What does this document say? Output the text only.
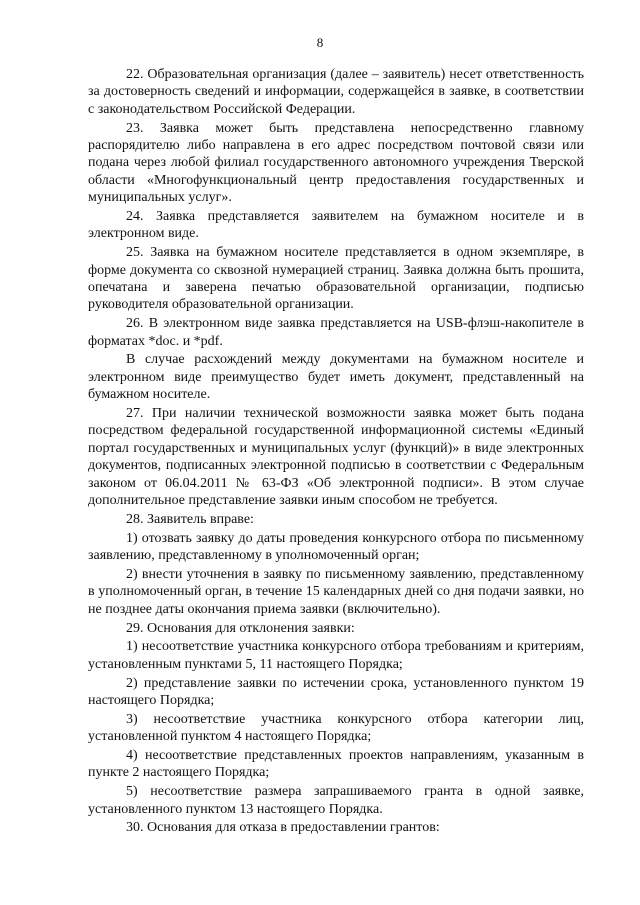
8

22. Образовательная организация (далее – заявитель) несет ответственность за достоверность сведений и информации, содержащейся в заявке, в соответствии с законодательством Российской Федерации.

23. Заявка может быть представлена непосредственно главному распорядителю либо направлена в его адрес посредством почтовой связи или подана через любой филиал государственного автономного учреждения Тверской области «Многофункциональный центр предоставления государственных и муниципальных услуг».

24. Заявка представляется заявителем на бумажном носителе и в электронном виде.

25. Заявка на бумажном носителе представляется в одном экземпляре, в форме документа со сквозной нумерацией страниц. Заявка должна быть прошита, опечатана и заверена печатью образовательной организации, подписью руководителя образовательной организации.

26. В электронном виде заявка представляется на USB-флэш-накопителе в форматах *doc. и *pdf.

В случае расхождений между документами на бумажном носителе и электронном виде преимущество будет иметь документ, представленный на бумажном носителе.

27. При наличии технической возможности заявка может быть подана посредством федеральной государственной информационной системы «Единый портал государственных и муниципальных услуг (функций)» в виде электронных документов, подписанных электронной подписью в соответствии с Федеральным законом от 06.04.2011 № 63-ФЗ «Об электронной подписи». В этом случае дополнительное представление заявки иным способом не требуется.

28. Заявитель вправе:

1) отозвать заявку до даты проведения конкурсного отбора по письменному заявлению, представленному в уполномоченный орган;

2) внести уточнения в заявку по письменному заявлению, представленному в уполномоченный орган, в течение 15 календарных дней со дня подачи заявки, но не позднее даты окончания приема заявки (включительно).

29. Основания для отклонения заявки:

1) несоответствие участника конкурсного отбора требованиям и критериям, установленным пунктами 5, 11 настоящего Порядка;

2) представление заявки по истечении срока, установленного пунктом 19 настоящего Порядка;

3) несоответствие участника конкурсного отбора категории лиц, установленной пунктом 4 настоящего Порядка;

4) несоответствие представленных проектов направлениям, указанным в пункте 2 настоящего Порядка;

5) несоответствие размера запрашиваемого гранта в одной заявке, установленного пунктом 13 настоящего Порядка.

30. Основания для отказа в предоставлении грантов:
